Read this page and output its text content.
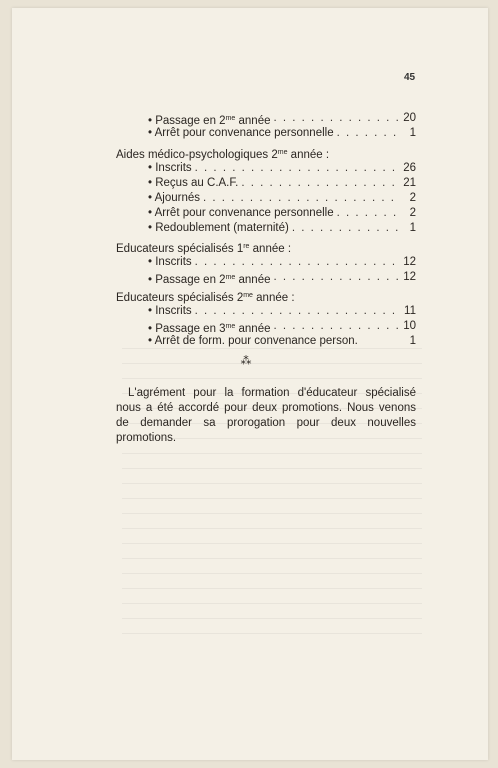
45
• Passage en $2^{me}$ année . . .	20
• Arrêt pour convenance personnelle . . .	1
Aides médico-psychologiques $2^{me}$ année :
• Inscrits . . .	26
• Reçus au C.A.F. . . .	21
• Ajournés . . .	2
• Arrêt pour convenance personnelle . . .	2
• Redoublement (maternité) . . .	1
Educateurs spécialisés 1re année :
• Inscrits . . .	12
• Passage en $2^{me}$ année . . .	12
Educateurs spécialisés $2^{me}$ année :
• Inscrits . . .	11
• Passage en $3^{me}$ année . . .	10
• Arrêt de form. pour convenance person.	1
⁂
L'agrément pour la formation d'éducateur spécialisé nous a été accordé pour deux promotions. Nous venons de demander sa prorogation pour deux nouvelles promotions.
